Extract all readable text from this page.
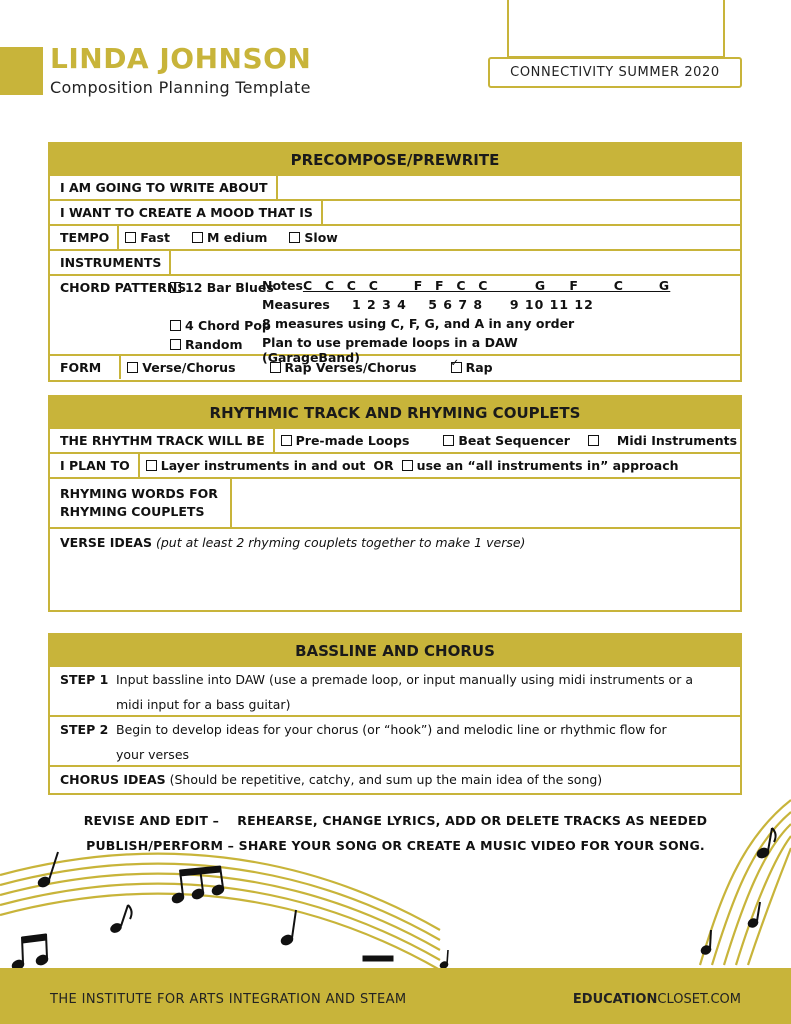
LINDA JOHNSON
Composition Planning Template
CONNECTIVITY SUMMER 2020
PRECOMPOSE/PREWRITE
I AM GOING TO WRITE ABOUT
I WANT TO CREATE A MOOD THAT IS
TEMPO	Fast	M edium	Slow
INSTRUMENTS
CHORD PATTERNS
12 Bar Blues
Notes C C C C   F F C C    G  F   C   G
Measures	1 2 3 4    5 6 7 8     9 10 11 12
4 Chord Pop
8 measures using C, F, G, and A in any order
Random Plan to use premade loops in a DAW (GarageBand)
FORM	Verse/Chorus	Rap Verses/Chorus
✓	Rap
RHYTHMIC TRACK AND RHYMING COUPLETS
THE RHYTHM TRACK WILL BE	Pre-made Loops	Beat Sequencer	Midi Instruments
I PLAN TO	Layer instruments in and out OR use an “all instruments in” approach
RHYMING WORDS FOR
RHYMING COUPLETS
VERSE IDEAS (put at least 2 rhyming couplets together to make 1 verse)
BASSLINE AND CHORUS
STEP 1 Input bassline into DAW (use a premade loop, or input manually using midi instruments or a
midi input for a bass guitar)
STEP 2 Begin to develop ideas for your chorus (or “hook”) and melodic line or rhythmic flow for
your verses
CHORUS IDEAS (Should be repetitive, catchy, and sum up the main idea of the song)
REVISE AND EDIT –    REHEARSE, CHANGE LYRICS, ADD OR DELETE TRACKS AS NEEDED
PUBLISH/PERFORM – SHARE YOUR SONG OR CREATE A MUSIC VIDEO FOR YOUR SONG.
THE INSTITUTE FOR ARTS INTEGRATION AND STEAM	EDUCATIONCLOSET.COM
